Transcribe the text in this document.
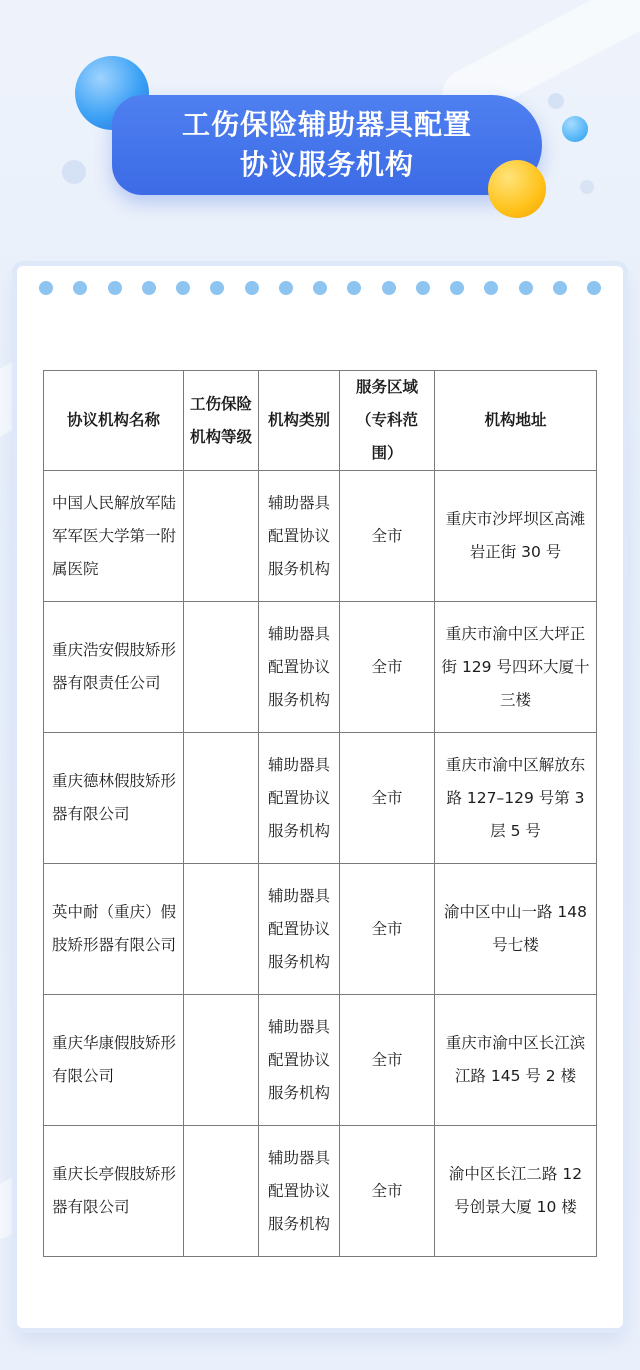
工伤保险辅助器具配置
协议服务机构
协议机构名称	工伤保险机构等级	机构类别	服务区域（专科范围）	机构地址
中国人民解放军陆军军医大学第一附属医院		辅助器具配置协议服务机构	全市	重庆市沙坪坝区高滩岩正街 30 号
重庆浩安假肢矫形器有限责任公司		辅助器具配置协议服务机构	全市	重庆市渝中区大坪正街 129 号四环大厦十三楼
重庆德林假肢矫形器有限公司		辅助器具配置协议服务机构	全市	重庆市渝中区解放东路 127–129 号第 3 层 5 号
英中耐（重庆）假肢矫形器有限公司		辅助器具配置协议服务机构	全市	渝中区中山一路 148 号七楼
重庆华康假肢矫形有限公司		辅助器具配置协议服务机构	全市	重庆市渝中区长江滨江路 145 号 2 楼
重庆长亭假肢矫形器有限公司		辅助器具配置协议服务机构	全市	渝中区长江二路 12 号创景大厦 10 楼
